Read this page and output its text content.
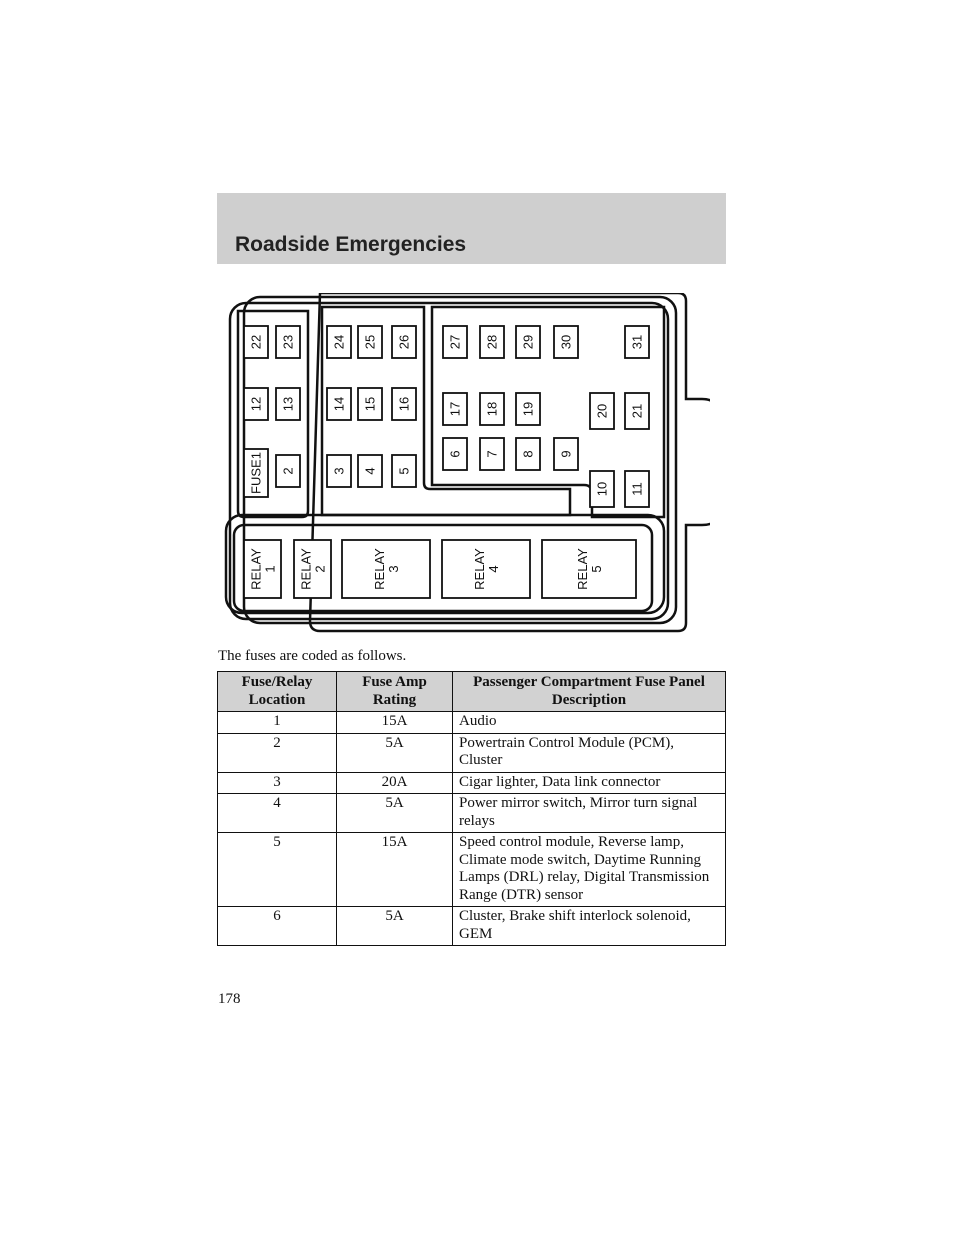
Roadside Emergencies
22 23	24 25 26	27 28 29 30	31
12 13	14 15 16	17 18 19	20 21
FUSE1 2	3 4 5
6 7 8 9
10 11
RELAY1 RELAY2	RELAY3	RELAY4	RELAY5
The fuses are coded as follows.
Fuse/Relay Location	Fuse Amp Rating	Passenger Compartment Fuse Panel Description
1	15A	Audio
2	5A	Powertrain Control Module (PCM), Cluster
3	20A	Cigar lighter, Data link connector
4	5A	Power mirror switch, Mirror turn signal relays
5	15A	Speed control module, Reverse lamp, Climate mode switch, Daytime Running Lamps (DRL) relay, Digital Transmission Range (DTR) sensor
6	5A	Cluster, Brake shift interlock solenoid, GEM
178
